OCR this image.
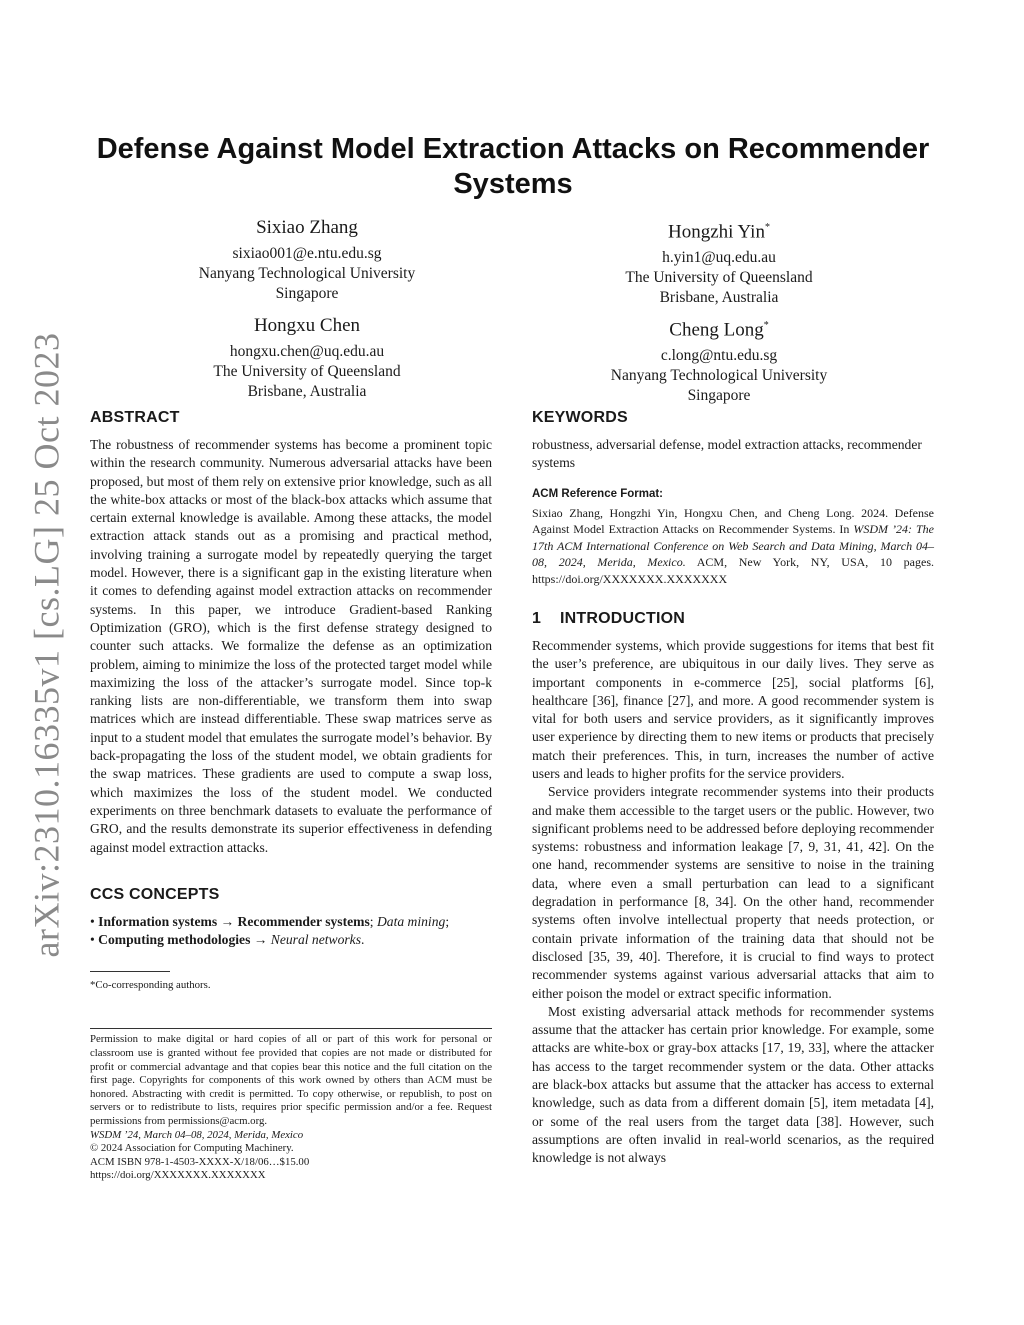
arXiv:2310.16335v1 [cs.LG] 25 Oct 2023
Defense Against Model Extraction Attacks on Recommender Systems
Sixiao Zhang
sixiao001@e.ntu.edu.sg
Nanyang Technological University
Singapore
Hongzhi Yin*
h.yin1@uq.edu.au
The University of Queensland
Brisbane, Australia
Hongxu Chen
hongxu.chen@uq.edu.au
The University of Queensland
Brisbane, Australia
Cheng Long*
c.long@ntu.edu.sg
Nanyang Technological University
Singapore
ABSTRACT

The robustness of recommender systems has become a prominent topic within the research community. Numerous adversarial attacks have been proposed, but most of them rely on extensive prior knowledge, such as all the white-box attacks or most of the black-box attacks which assume that certain external knowledge is available. Among these attacks, the model extraction attack stands out as a promising and practical method, involving training a surrogate model by repeatedly querying the target model. However, there is a significant gap in the existing literature when it comes to defending against model extraction attacks on recommender systems. In this paper, we introduce Gradient-based Ranking Optimization (GRO), which is the first defense strategy designed to counter such attacks. We formalize the defense as an optimization problem, aiming to minimize the loss of the protected target model while maximizing the loss of the attacker’s surrogate model. Since top-k ranking lists are non-differentiable, we transform them into swap matrices which are instead differentiable. These swap matrices serve as input to a student model that emulates the surrogate model’s behavior. By back-propagating the loss of the student model, we obtain gradients for the swap matrices. These gradients are used to compute a swap loss, which maximizes the loss of the student model. We conducted experiments on three benchmark datasets to evaluate the performance of GRO, and the results demonstrate its superior effectiveness in defending against model extraction attacks.

CCS CONCEPTS
• Information systems → Recommender systems; Data mining;
• Computing methodologies → Neural networks.
*Co-corresponding authors.
Permission to make digital or hard copies of all or part of this work for personal or classroom use is granted without fee provided that copies are not made or distributed for profit or commercial advantage and that copies bear this notice and the full citation on the first page. Copyrights for components of this work owned by others than ACM must be honored. Abstracting with credit is permitted. To copy otherwise, or republish, to post on servers or to redistribute to lists, requires prior specific permission and/or a fee. Request permissions from permissions@acm.org.
WSDM ’24, March 04–08, 2024, Merida, Mexico
© 2024 Association for Computing Machinery.
ACM ISBN 978-1-4503-XXXX-X/18/06…$15.00
https://doi.org/XXXXXXX.XXXXXXX
KEYWORDS

robustness, adversarial defense, model extraction attacks, recommender systems

ACM Reference Format:
Sixiao Zhang, Hongzhi Yin, Hongxu Chen, and Cheng Long. 2024. Defense Against Model Extraction Attacks on Recommender Systems. In WSDM ’24: The 17th ACM International Conference on Web Search and Data Mining, March 04–08, 2024, Merida, Mexico. ACM, New York, NY, USA, 10 pages. https://doi.org/XXXXXXX.XXXXXXX
1 INTRODUCTION

Recommender systems, which provide suggestions for items that best fit the user’s preference, are ubiquitous in our daily lives. They serve as important components in e-commerce [25], social platforms [6], healthcare [36], finance [27], and more. A good recommender system is vital for both users and service providers, as it significantly improves user experience by directing them to new items or products that precisely match their preferences. This, in turn, increases the number of active users and leads to higher profits for the service providers.

Service providers integrate recommender systems into their products and make them accessible to the target users or the public. However, two significant problems need to be addressed before deploying recommender systems: robustness and information leakage [7, 9, 31, 41, 42]. On the one hand, recommender systems are sensitive to noise in the training data, where even a small perturbation can lead to a significant degradation in performance [8, 34]. On the other hand, recommender systems often involve intellectual property that needs protection, or contain private information of the training data that should not be disclosed [35, 39, 40]. Therefore, it is crucial to find ways to protect recommender systems against various adversarial attacks that aim to either poison the model or extract specific information.

Most existing adversarial attack methods for recommender systems assume that the attacker has certain prior knowledge. For example, some attacks are white-box or gray-box attacks [17, 19, 33], where the attacker has access to the target recommender system or the data. Other attacks are black-box attacks but assume that the attacker has access to external knowledge, such as data from a different domain [5], item metadata [4], or some of the real users from the target data [38]. However, such assumptions are often invalid in real-world scenarios, as the required knowledge is not always
